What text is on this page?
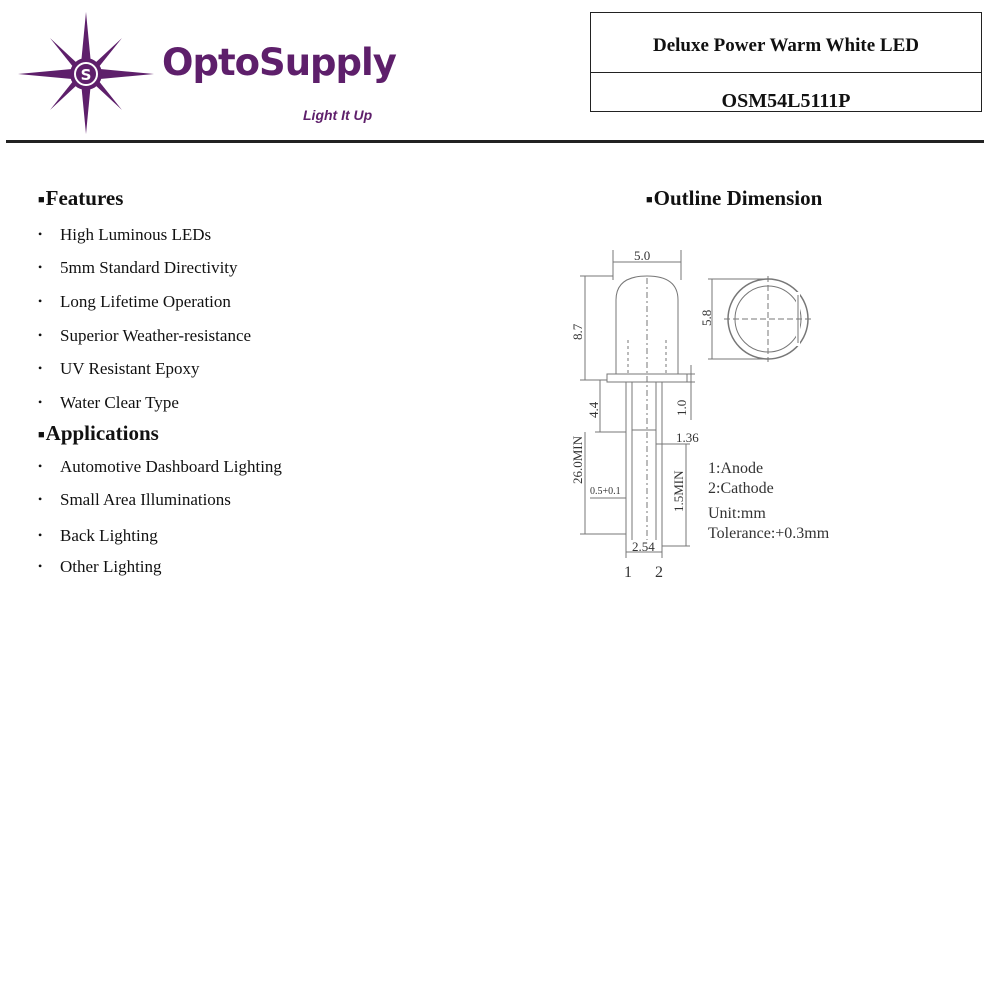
S OptoSupply
Light It Up
Deluxe Power Warm White LED
OSM54L5111P
■Features
• High Luminous LEDs
• 5mm Standard Directivity
• Long Lifetime Operation
• Superior Weather-resistance
• UV Resistant Epoxy
• Water Clear Type
■Applications
• Automotive Dashboard Lighting
• Small Area Illuminations
• Back Lighting
• Other Lighting
■Outline Dimension
5.0
8.7
5.8
4.4	1.0
1.36
26.0MIN
0.5+0.1	1.5MIN
2.54
1 2
1:Anode
2:Cathode
Unit:mm
Tolerance:+0.3mm
